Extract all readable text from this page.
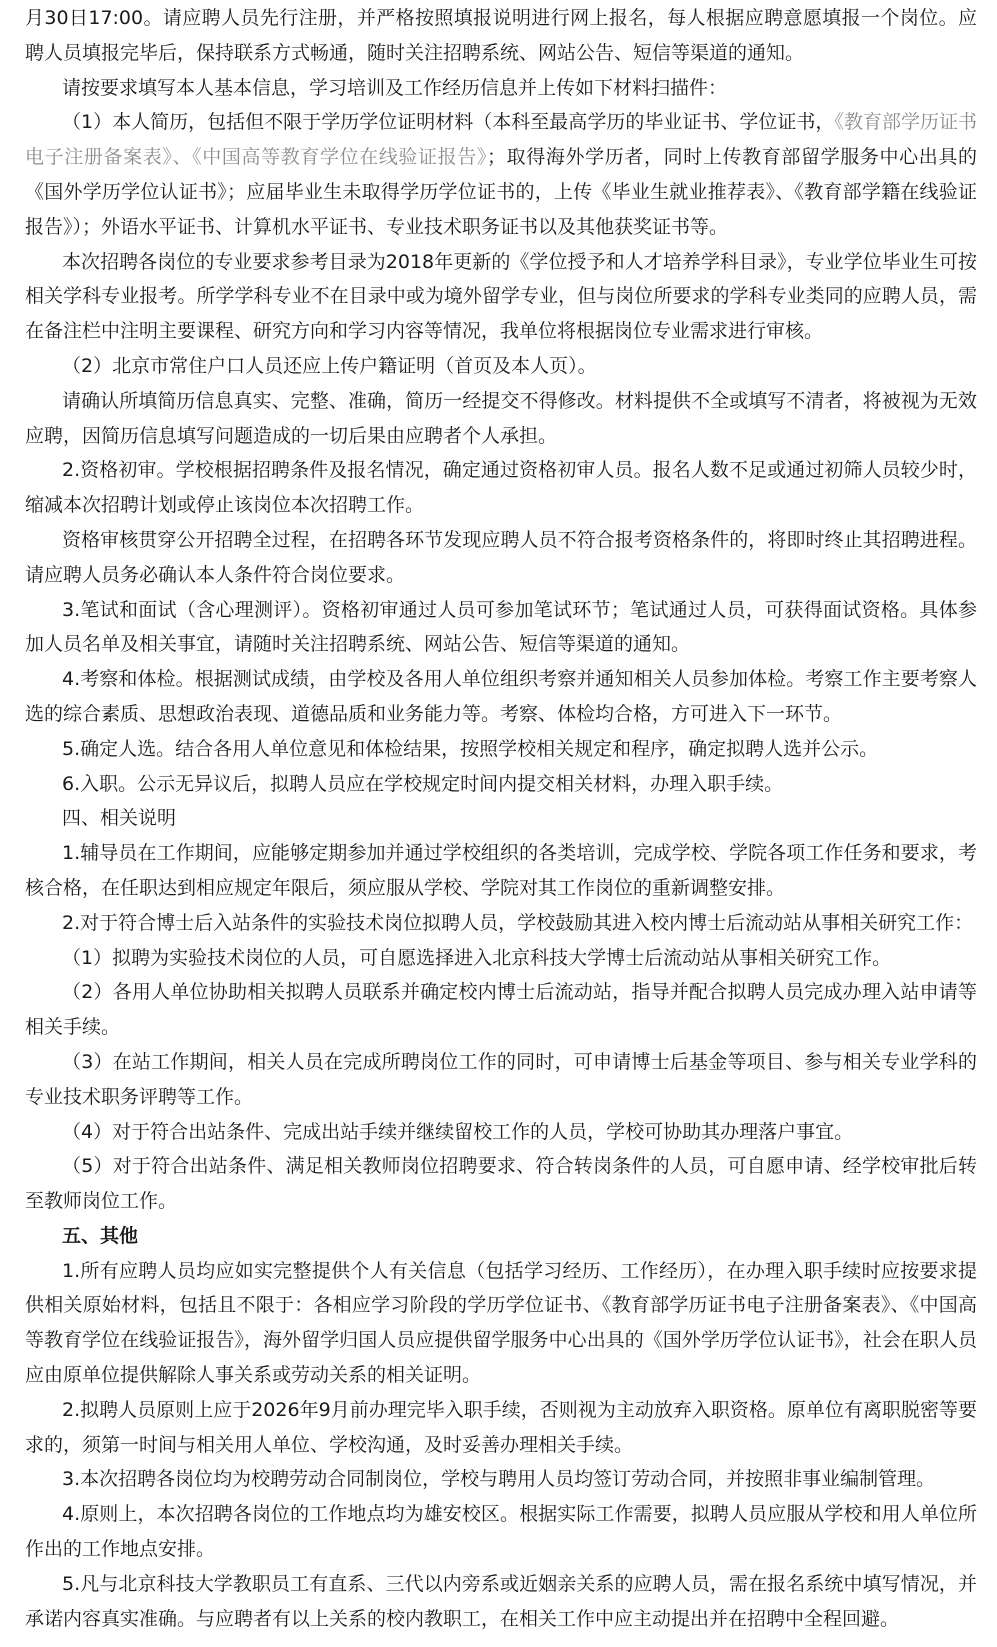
月30日17:00。请应聘人员先行注册，并严格按照填报说明进行网上报名，每人根据应聘意愿填报一个岗位。应聘人员填报完毕后，保持联系方式畅通，随时关注招聘系统、网站公告、短信等渠道的通知。

请按要求填写本人基本信息，学习培训及工作经历信息并上传如下材料扫描件：

（1）本人简历，包括但不限于学历学位证明材料（本科至最高学历的毕业证书、学位证书，《教育部学历证书电子注册备案表》、《中国高等教育学位在线验证报告》；取得海外学历者，同时上传教育部留学服务中心出具的《国外学历学位认证书》；应届毕业生未取得学历学位证书的，上传《毕业生就业推荐表》、《教育部学籍在线验证报告》）；外语水平证书、计算机水平证书、专业技术职务证书以及其他获奖证书等。

本次招聘各岗位的专业要求参考目录为2018年更新的《学位授予和人才培养学科目录》，专业学位毕业生可按相关学科专业报考。所学学科专业不在目录中或为境外留学专业，但与岗位所要求的学科专业类同的应聘人员，需在备注栏中注明主要课程、研究方向和学习内容等情况，我单位将根据岗位专业需求进行审核。

（2）北京市常住户口人员还应上传户籍证明（首页及本人页）。

请确认所填简历信息真实、完整、准确，简历一经提交不得修改。材料提供不全或填写不清者，将被视为无效应聘，因简历信息填写问题造成的一切后果由应聘者个人承担。

2.资格初审。学校根据招聘条件及报名情况，确定通过资格初审人员。报名人数不足或通过初筛人员较少时，缩减本次招聘计划或停止该岗位本次招聘工作。

资格审核贯穿公开招聘全过程，在招聘各环节发现应聘人员不符合报考资格条件的，将即时终止其招聘进程。请应聘人员务必确认本人条件符合岗位要求。

3.笔试和面试（含心理测评）。资格初审通过人员可参加笔试环节；笔试通过人员，可获得面试资格。具体参加人员名单及相关事宜，请随时关注招聘系统、网站公告、短信等渠道的通知。

4.考察和体检。根据测试成绩，由学校及各用人单位组织考察并通知相关人员参加体检。考察工作主要考察人选的综合素质、思想政治表现、道德品质和业务能力等。考察、体检均合格，方可进入下一环节。

5.确定人选。结合各用人单位意见和体检结果，按照学校相关规定和程序，确定拟聘人选并公示。

6.入职。公示无异议后，拟聘人员应在学校规定时间内提交相关材料，办理入职手续。

四、相关说明

1.辅导员在工作期间，应能够定期参加并通过学校组织的各类培训，完成学校、学院各项工作任务和要求，考核合格，在任职达到相应规定年限后，须应服从学校、学院对其工作岗位的重新调整安排。

2.对于符合博士后入站条件的实验技术岗位拟聘人员，学校鼓励其进入校内博士后流动站从事相关研究工作：

（1）拟聘为实验技术岗位的人员，可自愿选择进入北京科技大学博士后流动站从事相关研究工作。

（2）各用人单位协助相关拟聘人员联系并确定校内博士后流动站，指导并配合拟聘人员完成办理入站申请等相关手续。

（3）在站工作期间，相关人员在完成所聘岗位工作的同时，可申请博士后基金等项目、参与相关专业学科的专业技术职务评聘等工作。

（4）对于符合出站条件、完成出站手续并继续留校工作的人员，学校可协助其办理落户事宜。

（5）对于符合出站条件、满足相关教师岗位招聘要求、符合转岗条件的人员，可自愿申请、经学校审批后转至教师岗位工作。

五、其他

1.所有应聘人员均应如实完整提供个人有关信息（包括学习经历、工作经历），在办理入职手续时应按要求提供相关原始材料，包括且不限于：各相应学习阶段的学历学位证书、《教育部学历证书电子注册备案表》、《中国高等教育学位在线验证报告》，海外留学归国人员应提供留学服务中心出具的《国外学历学位认证书》，社会在职人员应由原单位提供解除人事关系或劳动关系的相关证明。

2.拟聘人员原则上应于2026年9月前办理完毕入职手续，否则视为主动放弃入职资格。原单位有离职脱密等要求的，须第一时间与相关用人单位、学校沟通，及时妥善办理相关手续。

3.本次招聘各岗位均为校聘劳动合同制岗位，学校与聘用人员均签订劳动合同，并按照非事业编制管理。

4.原则上，本次招聘各岗位的工作地点均为雄安校区。根据实际工作需要，拟聘人员应服从学校和用人单位所作出的工作地点安排。

5.凡与北京科技大学教职员工有直系、三代以内旁系或近姻亲关系的应聘人员，需在报名系统中填写情况，并承诺内容真实准确。与应聘者有以上关系的校内教职工，在相关工作中应主动提出并在招聘中全程回避。
